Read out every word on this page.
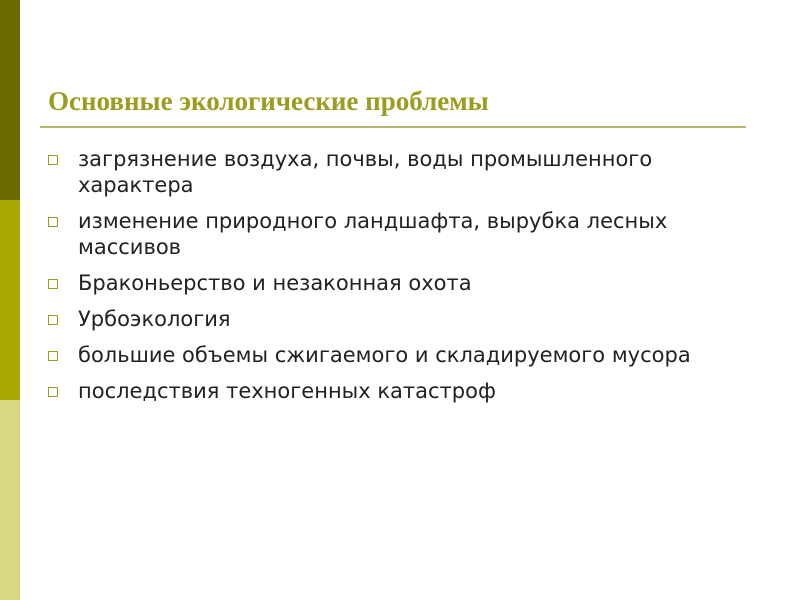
Основные экологические проблемы
загрязнение воздуха, почвы, воды промышленного характера
изменение природного ландшафта, вырубка лесных массивов
Браконьерство и незаконная охота
Урбоэкология
большие объемы сжигаемого и складируемого мусора
последствия техногенных катастроф
